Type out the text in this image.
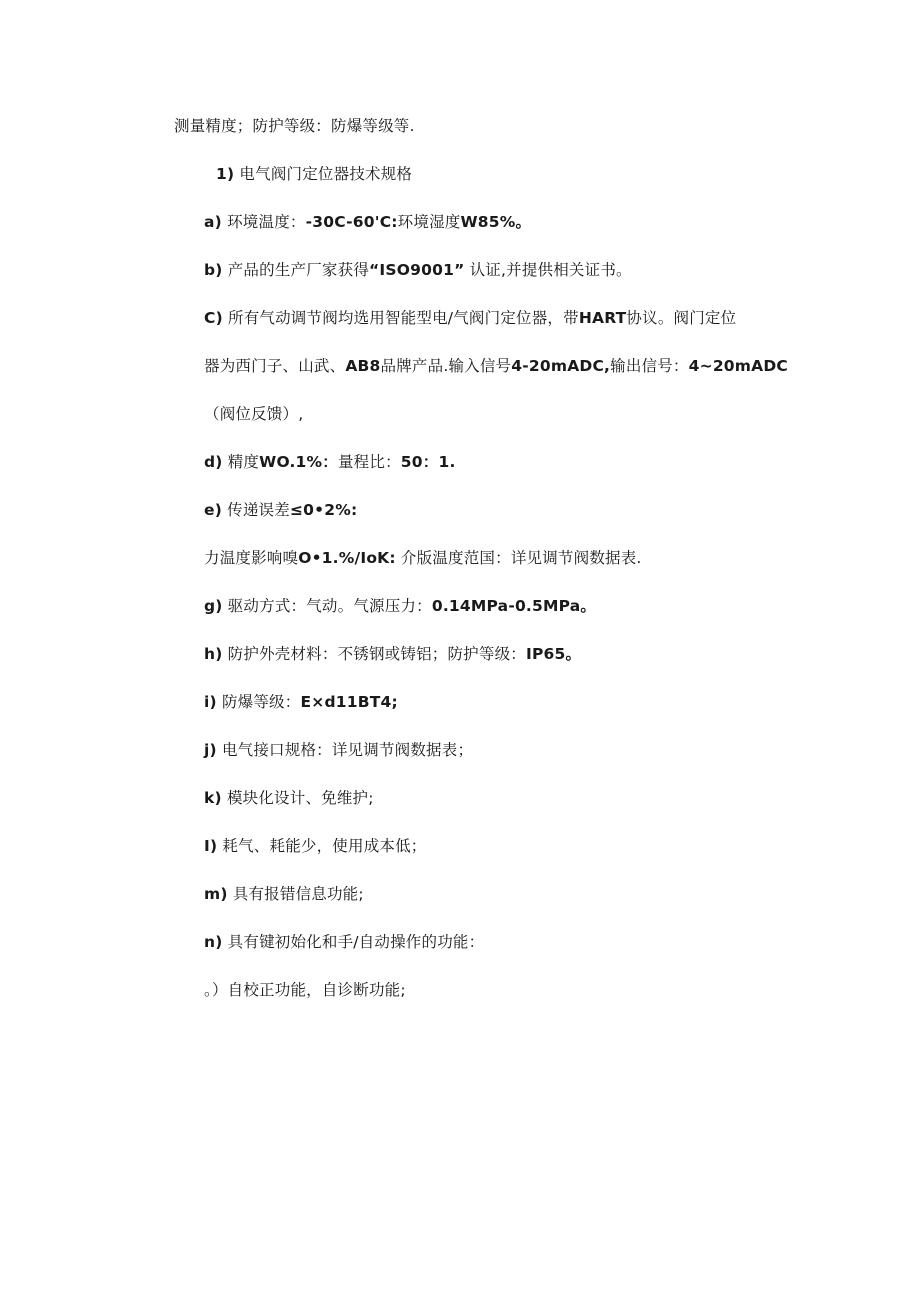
测量精度；防护等级：防爆等级等.
1) 电气阀门定位器技术规格
a) 环境温度：-30C-60'C:环境湿度W85%。
b) 产品的生产厂家获得“ISO9001” 认证,并提供相关证书。
C) 所有气动调节阀均选用智能型电/气阀门定位器，带HART协议。阀门定位
器为西门子、山武、AB8品牌产品.输入信号4-20mADC,输出信号：4~20mADC
（阀位反馈）,
d) 精度WO.1%：量程比：50：1.
e) 传递误差≤0•2%:
力温度影响嗅O•1.%/IoK: 介版温度范国：详见调节阀数据表.
g) 驱动方式：气动。气源压力：0.14MPa-0.5MPa。
h) 防护外壳材料：不锈钢或铸铝；防护等级：IP65。
i) 防爆等级：E×d11BT4;
j) 电气接口规格：详见调节阀数据表；
k) 模块化设计、免维护;
I) 耗气、耗能少，使用成本低；
m) 具有报错信息功能;
n) 具有键初始化和手/自动操作的功能：
。）自校正功能，自诊断功能;
